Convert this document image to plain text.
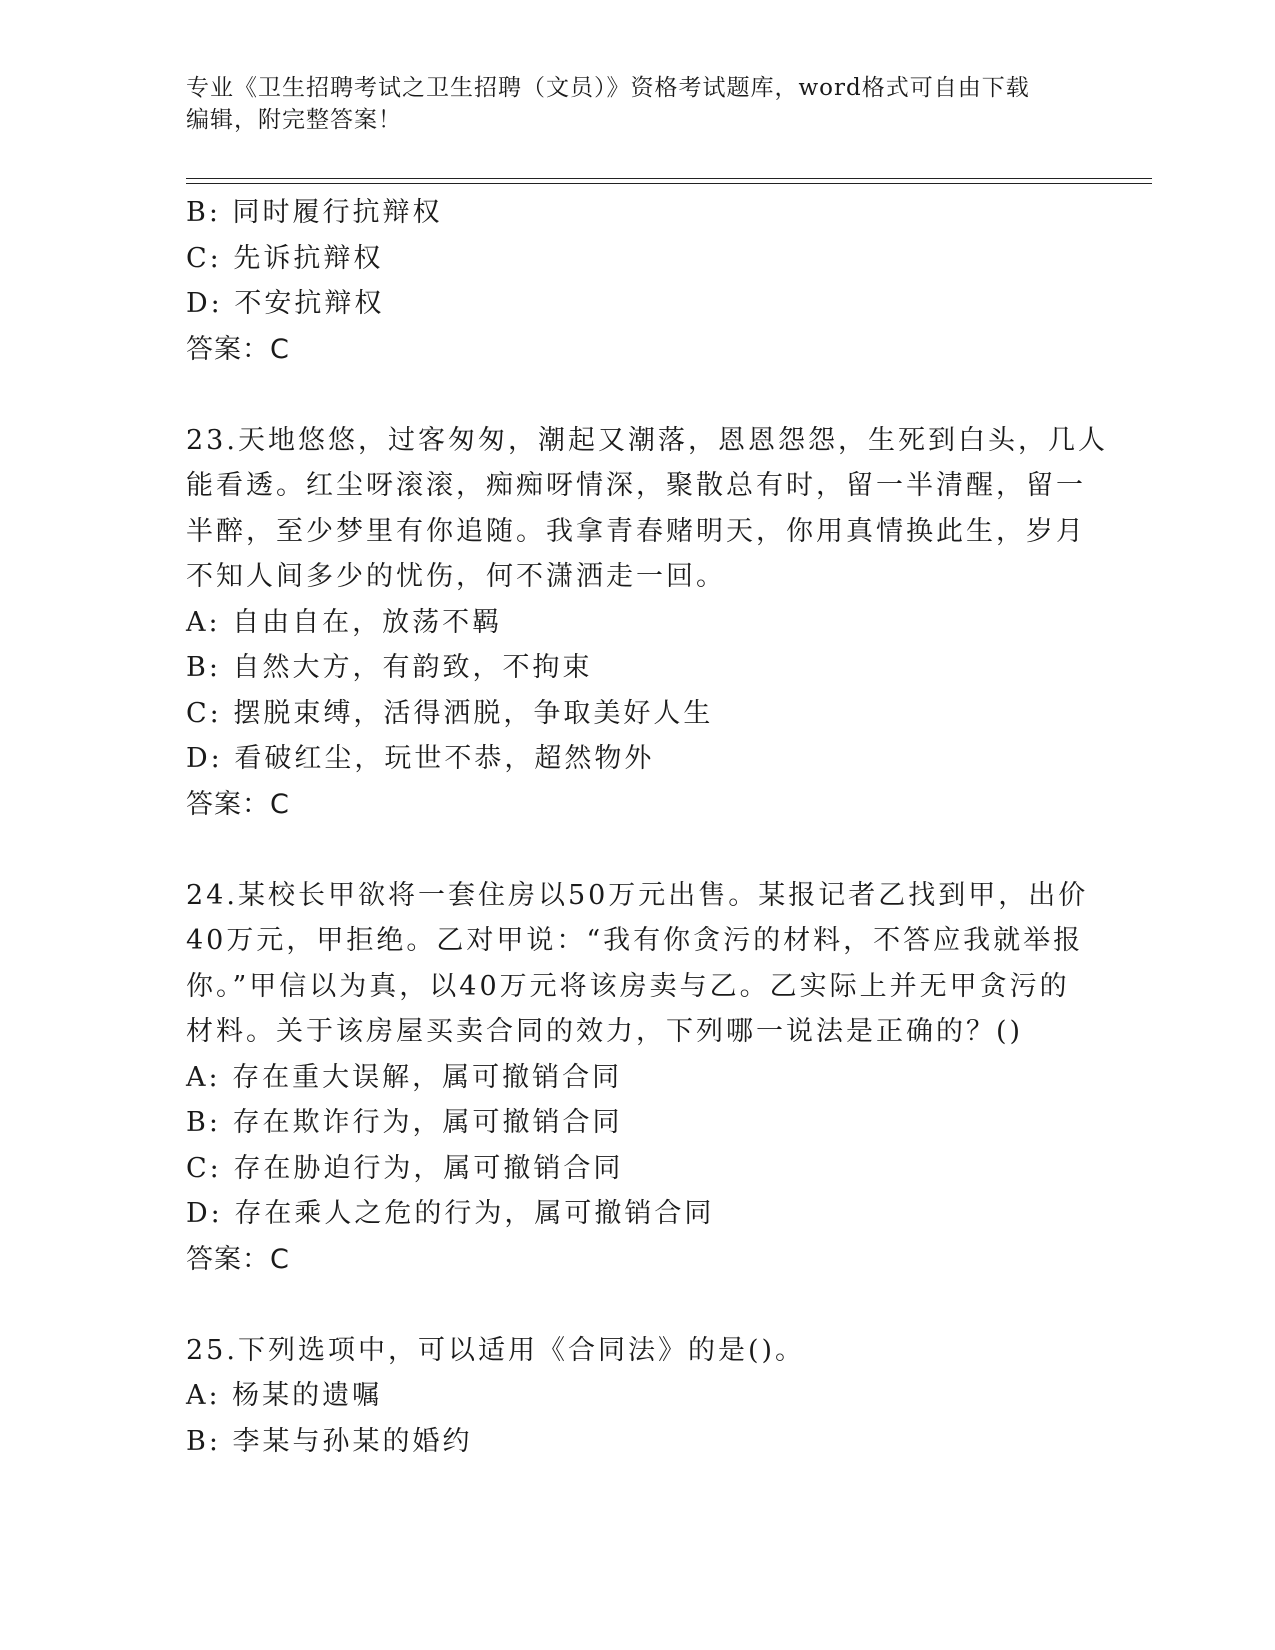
专业《卫生招聘考试之卫生招聘（文员）》资格考试题库，word格式可自由下载
编辑，附完整答案！
B: 同时履行抗辩权
C: 先诉抗辩权
D: 不安抗辩权
答案：C
23.天地悠悠，过客匆匆，潮起又潮落，恩恩怨怨，生死到白头，几人
能看透。红尘呀滚滚，痴痴呀情深，聚散总有时，留一半清醒，留一
半醉，至少梦里有你追随。我拿青春赌明天，你用真情换此生，岁月
不知人间多少的忧伤，何不潇洒走一回。
A: 自由自在，放荡不羁
B: 自然大方，有韵致，不拘束
C: 摆脱束缚，活得洒脱，争取美好人生
D: 看破红尘，玩世不恭，超然物外
答案：C
24.某校长甲欲将一套住房以50万元出售。某报记者乙找到甲，出价
40万元，甲拒绝。乙对甲说：“我有你贪污的材料，不答应我就举报
你。”甲信以为真，以40万元将该房卖与乙。乙实际上并无甲贪污的
材料。关于该房屋买卖合同的效力，下列哪一说法是正确的？()
A: 存在重大误解，属可撤销合同
B: 存在欺诈行为，属可撤销合同
C: 存在胁迫行为，属可撤销合同
D: 存在乘人之危的行为，属可撤销合同
答案：C
25.下列选项中，可以适用《合同法》的是()。
A: 杨某的遗嘱
B: 李某与孙某的婚约
